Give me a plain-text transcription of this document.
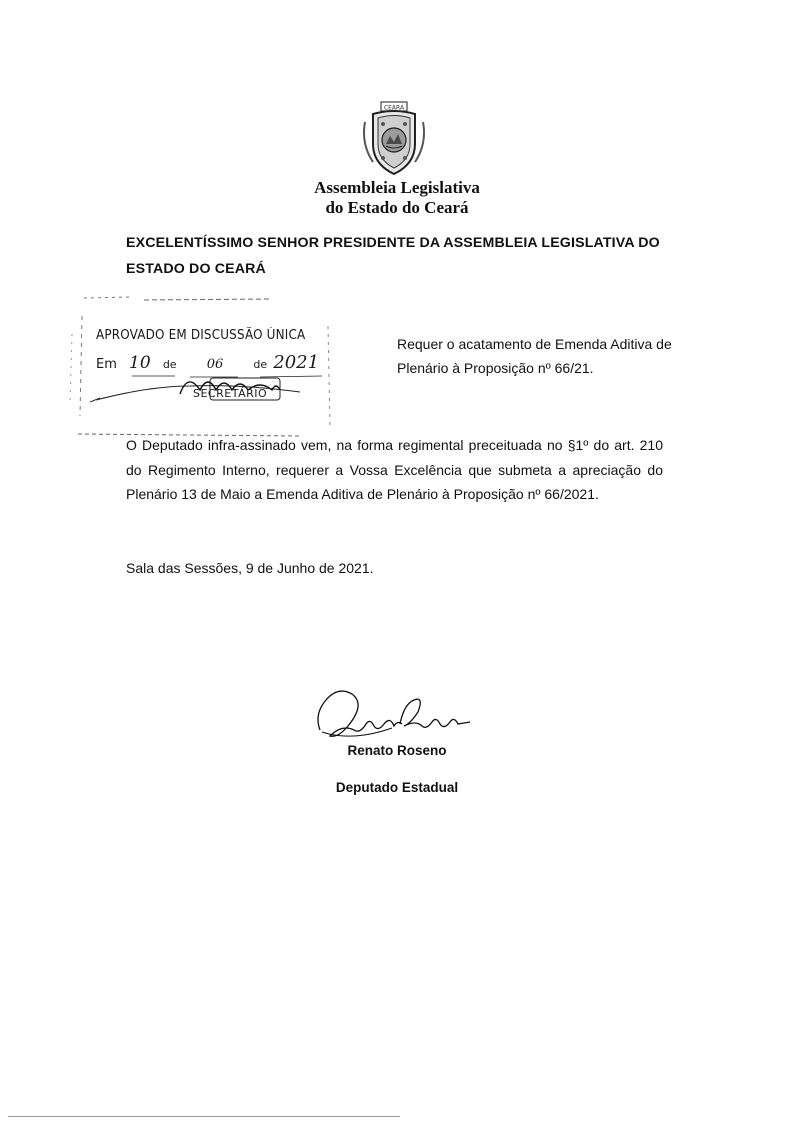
CEARÁ
Assembleia Legislativa
do Estado do Ceará
EXCELENTÍSSIMO SENHOR PRESIDENTE DA ASSEMBLEIA LEGISLATIVA DO ESTADO DO CEARÁ
APROVADO EM DISCUSSÃO ÚNICA
Em 10 de 06	de 2021
SECRETÁRIO
Requer o acatamento de Emenda Aditiva de Plenário à Proposição nº 66/21.
O Deputado infra-assinado vem, na forma regimental preceituada no §1º do art. 210 do Regimento Interno, requerer a Vossa Excelência que submeta a apreciação do Plenário 13 de Maio a Emenda Aditiva de Plenário à Proposição nº 66/2021.
Sala das Sessões, 9 de Junho de 2021.
Renato Roseno
Deputado Estadual
